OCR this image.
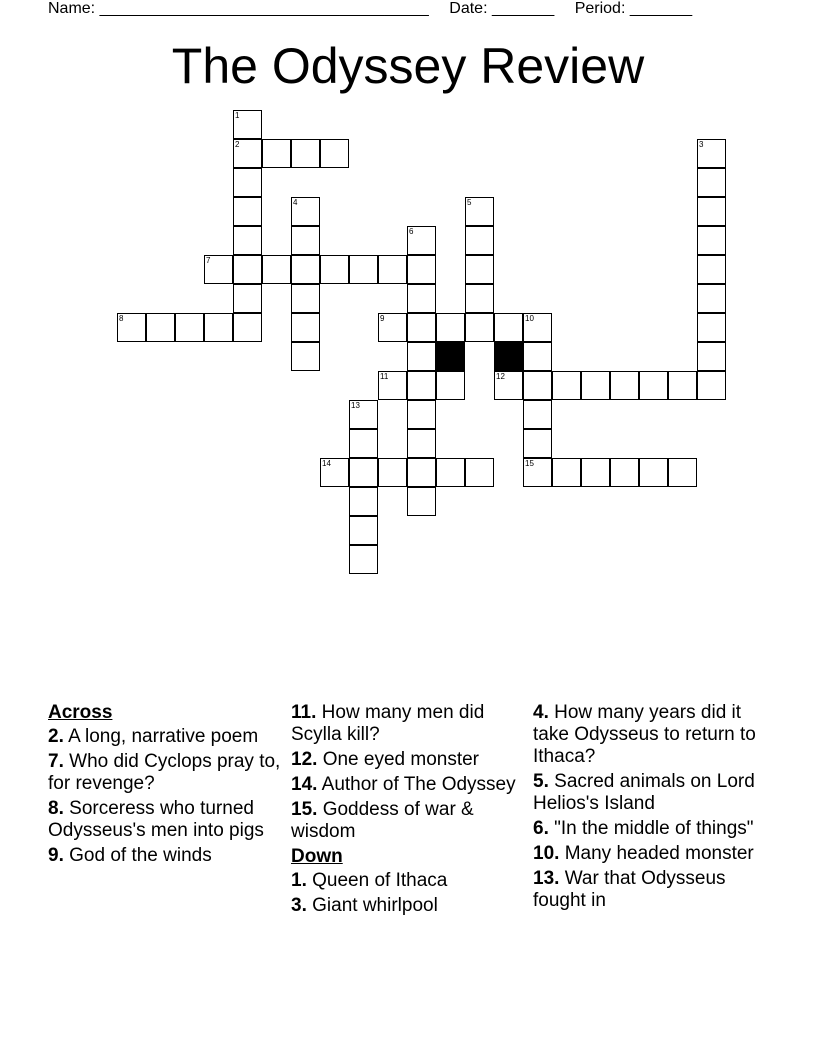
Name: _____________________________________ Date: _______ Period: _______
The Odyssey Review
2
7
8	9	10
11	12
14	15
1
3
4	5
6
13
Across
2. A long, narrative poem
7. Who did Cyclops pray to, for revenge?
8. Sorceress who turned Odysseus's men into pigs
9. God of the winds
11. How many men did Scylla kill?
12. One eyed monster
14. Author of The Odyssey
15. Goddess of war & wisdom
Down
1. Queen of Ithaca
3. Giant whirlpool
4. How many years did it take Odysseus to return to Ithaca?
5. Sacred animals on Lord Helios's Island
6. "In the middle of things"
10. Many headed monster
13. War that Odysseus fought in
